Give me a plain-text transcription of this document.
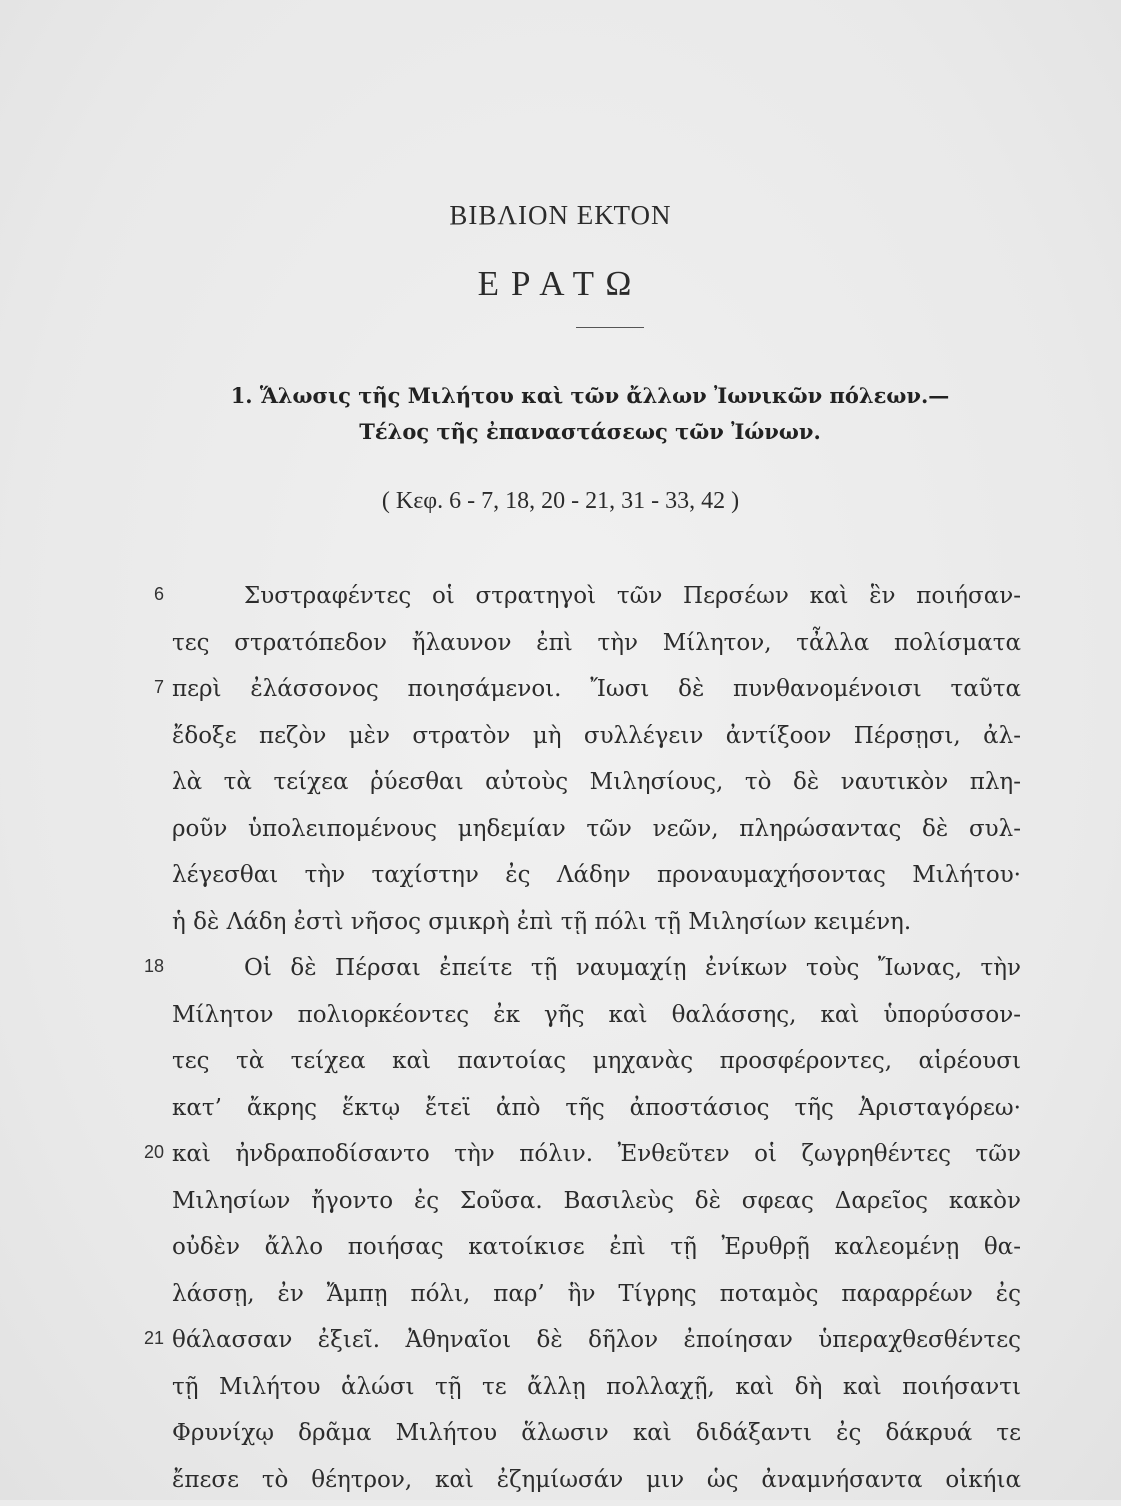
ΒΙΒΛΙΟΝ ΕΚΤΟΝ
ΕΡΑΤΩ
1. Ἅλωσις τῆς Μιλήτου καὶ τῶν ἄλλων Ἰωνικῶν πόλεων.—
Τέλος τῆς ἐπαναστάσεως τῶν Ἰώνων.
( Κεφ. 6 - 7, 18, 20 - 21, 31 - 33, 42 )
6	Συστραφέντες οἱ στρατηγοὶ τῶν Περσέων καὶ ἓν ποιήσαν-
τες στρατόπεδον ἤλαυνον ἐπὶ τὴν Μίλητον, τἆλλα πολίσματα
7 περὶ ἐλάσσονος ποιησάμενοι. Ἴωσι δὲ πυνθανομένοισι ταῦτα
ἔδοξε πεζὸν μὲν στρατὸν μὴ συλλέγειν ἀντίξοον Πέρσῃσι, ἀλ-
λὰ τὰ τείχεα ῥύεσθαι αὐτοὺς Μιλησίους, τὸ δὲ ναυτικὸν πλη-
ροῦν ὑπολειπομένους μηδεμίαν τῶν νεῶν, πληρώσαντας δὲ συλ-
λέγεσθαι τὴν ταχίστην ἐς Λάδην προναυμαχήσοντας Μιλήτου·
ἡ δὲ Λάδη ἐστὶ νῆσος σμικρὴ ἐπὶ τῇ πόλι τῇ Μιλησίων κειμένη.
18	Οἱ δὲ Πέρσαι ἐπείτε τῇ ναυμαχίῃ ἐνίκων τοὺς Ἴωνας, τὴν
Μίλητον πολιορκέοντες ἐκ γῆς καὶ θαλάσσης, καὶ ὑπορύσσον-
τες τὰ τείχεα καὶ παντοίας μηχανὰς προσφέροντες, αἱρέουσι
κατ’ ἄκρης ἕκτῳ ἔτεϊ ἀπὸ τῆς ἀποστάσιος τῆς Ἀρισταγόρεω·
20 καὶ ἠνδραποδίσαντο τὴν πόλιν. Ἐνθεῦτεν οἱ ζωγρηθέντες τῶν
Μιλησίων ἤγοντο ἐς Σοῦσα. Βασιλεὺς δὲ σφεας Δαρεῖος κακὸν
οὐδὲν ἄλλο ποιήσας κατοίκισε ἐπὶ τῇ Ἐρυθρῇ καλεομένῃ θα-
λάσσῃ, ἐν Ἄμπῃ πόλι, παρ’ ἣν Τίγρης ποταμὸς παραρρέων ἐς
21 θάλασσαν ἐξιεῖ. Ἀθηναῖοι δὲ δῆλον ἐποίησαν ὑπεραχθεσθέντες
τῇ Μιλήτου ἁλώσι τῇ τε ἄλλῃ πολλαχῇ, καὶ δὴ καὶ ποιήσαντι
Φρυνίχῳ δρᾶμα Μιλήτου ἅλωσιν καὶ διδάξαντι ἐς δάκρυά τε
ἔπεσε τὸ θέητρον, καὶ ἐζημίωσάν μιν ὡς ἀναμνήσαντα οἰκήια
